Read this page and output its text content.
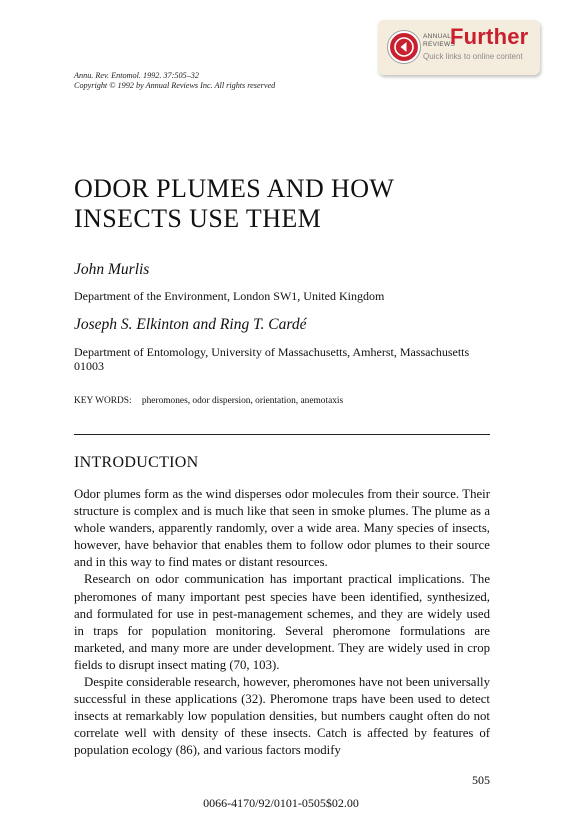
ANNUAL
REVIEWS
Further
Quick links to online content
Annu. Rev. Entomol. 1992. 37:505–32
Copyright © 1992 by Annual Reviews Inc. All rights reserved
ODOR PLUMES AND HOW
INSECTS USE THEM
John Murlis
Department of the Environment, London SW1, United Kingdom
Joseph S. Elkinton and Ring T. Cardé
Department of Entomology, University of Massachusetts, Amherst, Massachusetts 01003
KEY WORDS: pheromones, odor dispersion, orientation, anemotaxis
INTRODUCTION

Odor plumes form as the wind disperses odor molecules from their source. Their structure is complex and is much like that seen in smoke plumes. The plume as a whole wanders, apparently randomly, over a wide area. Many species of insects, however, have behavior that enables them to follow odor plumes to their source and in this way to find mates or distant resources.

Research on odor communication has important practical implications. The pheromones of many important pest species have been identified, synthesized, and formulated for use in pest-management schemes, and they are widely used in traps for population monitoring. Several pheromone formulations are marketed, and many more are under development. They are widely used in crop fields to disrupt insect mating (70, 103).

Despite considerable research, however, pheromones have not been universally successful in these applications (32). Pheromone traps have been used to detect insects at remarkably low population densities, but numbers caught often do not correlate well with density of these insects. Catch is affected by features of population ecology (86), and various factors modify

505
0066-4170/92/0101-0505$02.00
